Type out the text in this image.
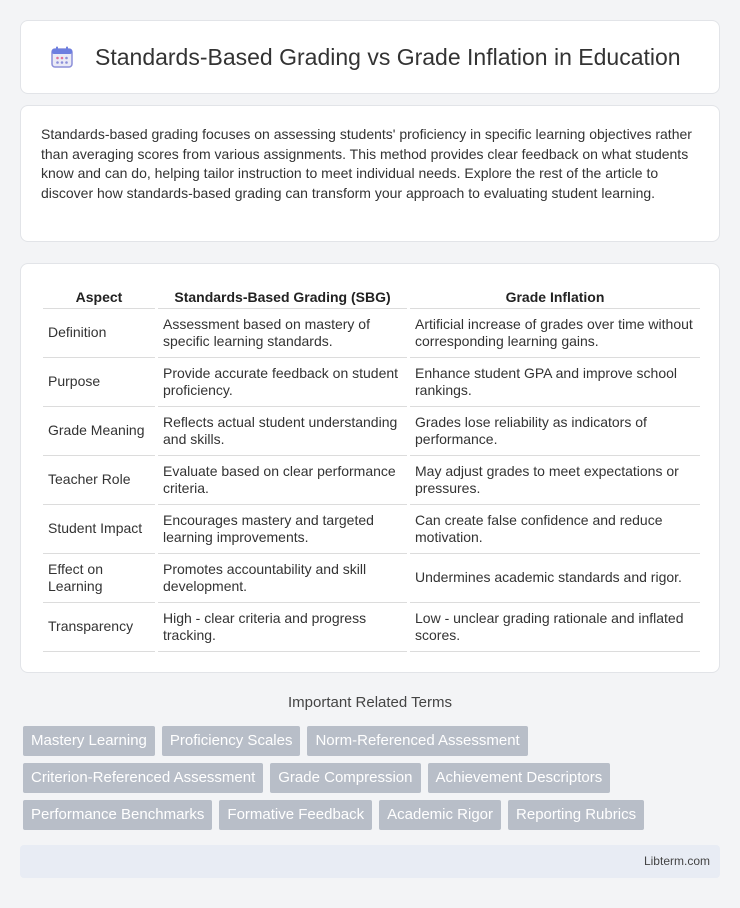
Standards-Based Grading vs Grade Inflation in Education

Standards-based grading focuses on assessing students' proficiency in specific learning objectives rather than averaging scores from various assignments. This method provides clear feedback on what students know and can do, helping tailor instruction to meet individual needs. Explore the rest of the article to discover how standards-based grading can transform your approach to evaluating student learning.

Aspect	Standards-Based Grading (SBG)	Grade Inflation
Definition	Assessment based on mastery of specific learning standards.	Artificial increase of grades over time without corresponding learning gains.
Purpose	Provide accurate feedback on student proficiency.	Enhance student GPA and improve school rankings.
Grade Meaning	Reflects actual student understanding and skills.	Grades lose reliability as indicators of performance.
Teacher Role	Evaluate based on clear performance criteria.	May adjust grades to meet expectations or pressures.
Student Impact	Encourages mastery and targeted learning improvements.	Can create false confidence and reduce motivation.
Effect on Learning	Promotes accountability and skill development.	Undermines academic standards and rigor.
Transparency	High - clear criteria and progress tracking.	Low - unclear grading rationale and inflated scores.
Important Related Terms
Mastery Learning	Proficiency Scales	Norm-Referenced Assessment
Criterion-Referenced Assessment	Grade Compression	Achievement Descriptors
Performance Benchmarks	Formative Feedback	Academic Rigor	Reporting Rubrics
Libterm.com
